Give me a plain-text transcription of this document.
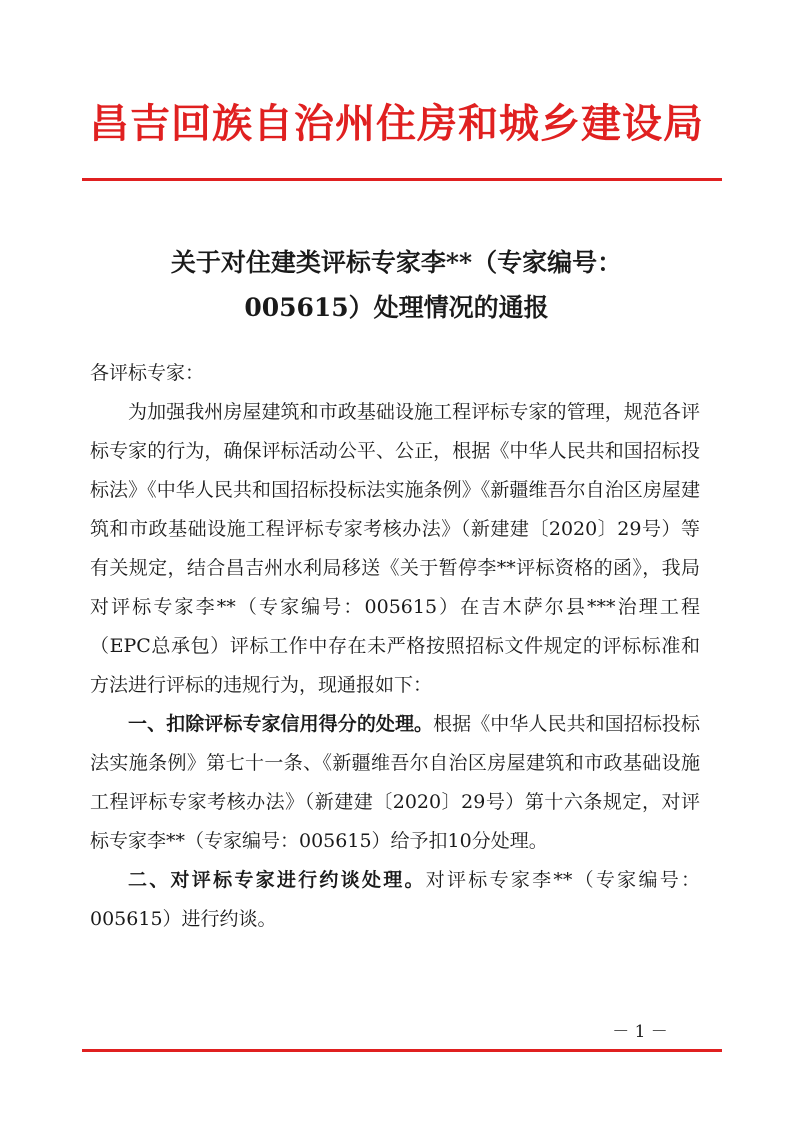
昌吉回族自治州住房和城乡建设局
关于对住建类评标专家李**（专家编号：
005615）处理情况的通报

各评标专家：

为加强我州房屋建筑和市政基础设施工程评标专家的管理，规范各评标专家的行为，确保评标活动公平、公正，根据《中华人民共和国招标投标法》《中华人民共和国招标投标法实施条例》《新疆维吾尔自治区房屋建筑和市政基础设施工程评标专家考核办法》（新建建〔2020〕29号）等有关规定，结合昌吉州水利局移送《关于暂停李**评标资格的函》，我局对评标专家李**（专家编号：005615）在吉木萨尔县***治理工程（EPC总承包）评标工作中存在未严格按照招标文件规定的评标标准和方法进行评标的违规行为，现通报如下：

一、扣除评标专家信用得分的处理。根据《中华人民共和国招标投标法实施条例》第七十一条、《新疆维吾尔自治区房屋建筑和市政基础设施工程评标专家考核办法》（新建建〔2020〕29号）第十六条规定，对评标专家李**（专家编号：005615）给予扣10分处理。

二、对评标专家进行约谈处理。对评标专家李**（专家编号：005615）进行约谈。

－ 1 －
